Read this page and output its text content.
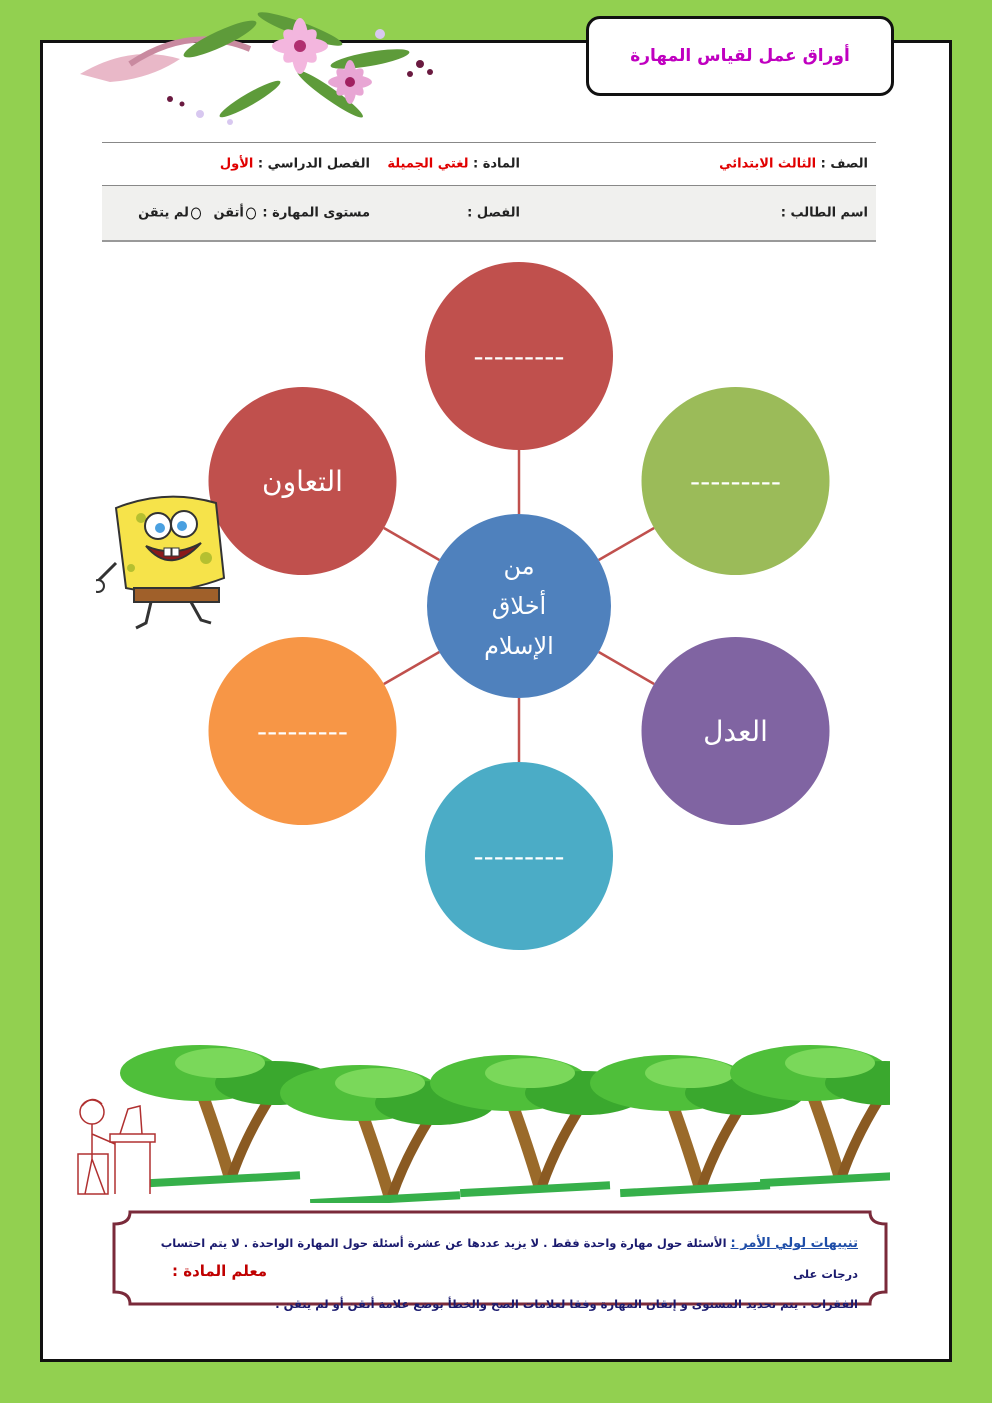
أوراق عمل لقياس المهارة
الصف : الثالث الابتدائي
المادة : لغتي الجميلة
الفصل الدراسي : الأول
اسم الطالب :
الفصل :
مستوى المهارة : أتقن لم يتقن
---------
---------
العدل
---------
---------
التعاون
من
أخلاق
الإسلام
تنبيهات لولي الأمر : الأسئلة حول مهارة واحدة فقط . لا يزيد عددها عن عشرة أسئلة حول المهارة الواحدة . لا يتم احتساب درجات على
الفقرات . يتم تحديد المستوى و إتقان المهارة وفقا لعلامات الصح والخطأ بوضع علامة أتقن أو لم يتقن .
معلم المادة :
